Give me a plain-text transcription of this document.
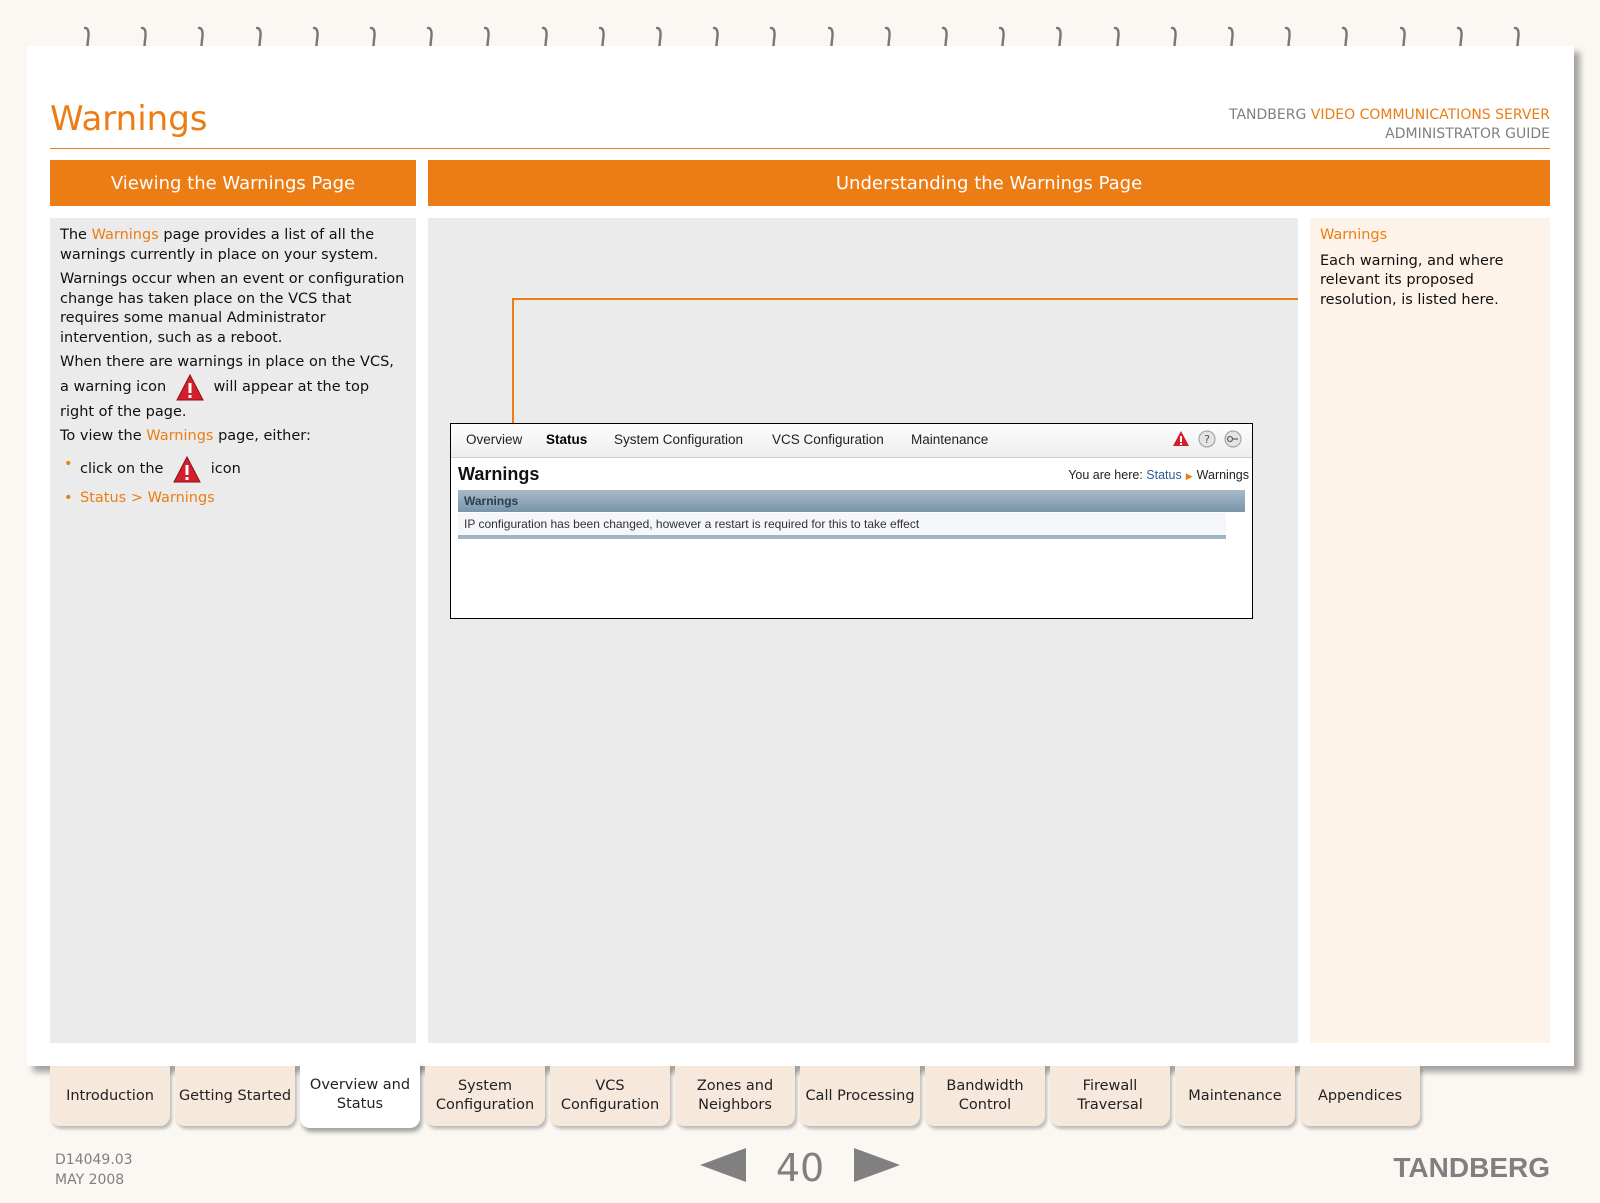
Warnings	TANDBERG VIDEO COMMUNICATIONS SERVER
ADMINISTRATOR GUIDE
Viewing the Warnings Page	Understanding the Warnings Page

The Warnings page provides a list of all the warnings currently in place on your system.

Warnings occur when an event or configuration change has taken place on the VCS that requires some manual Administrator intervention, such as a reboot.

When there are warnings in place on the VCS, a warning icon	will appear at the top right of the page.

To view the Warnings page, either:

• click on the	icon
• Status > Warnings
Warnings
Each warning, and where relevant its proposed resolution, is listed here.
Overview Status System Configuration VCS Configuration Maintenance	?
Warnings	You are here: Status ▶ Warnings
Warnings
IP configuration has been changed, however a restart is required for this to take effect
Introduction	Getting Started
Overview and Status
System Configuration
VCS Configuration
Zones and Neighbors
Call Processing
Bandwidth Control
Firewall Traversal
Maintenance	Appendices
D14049.03
MAY 2008	40	TANDBERG
